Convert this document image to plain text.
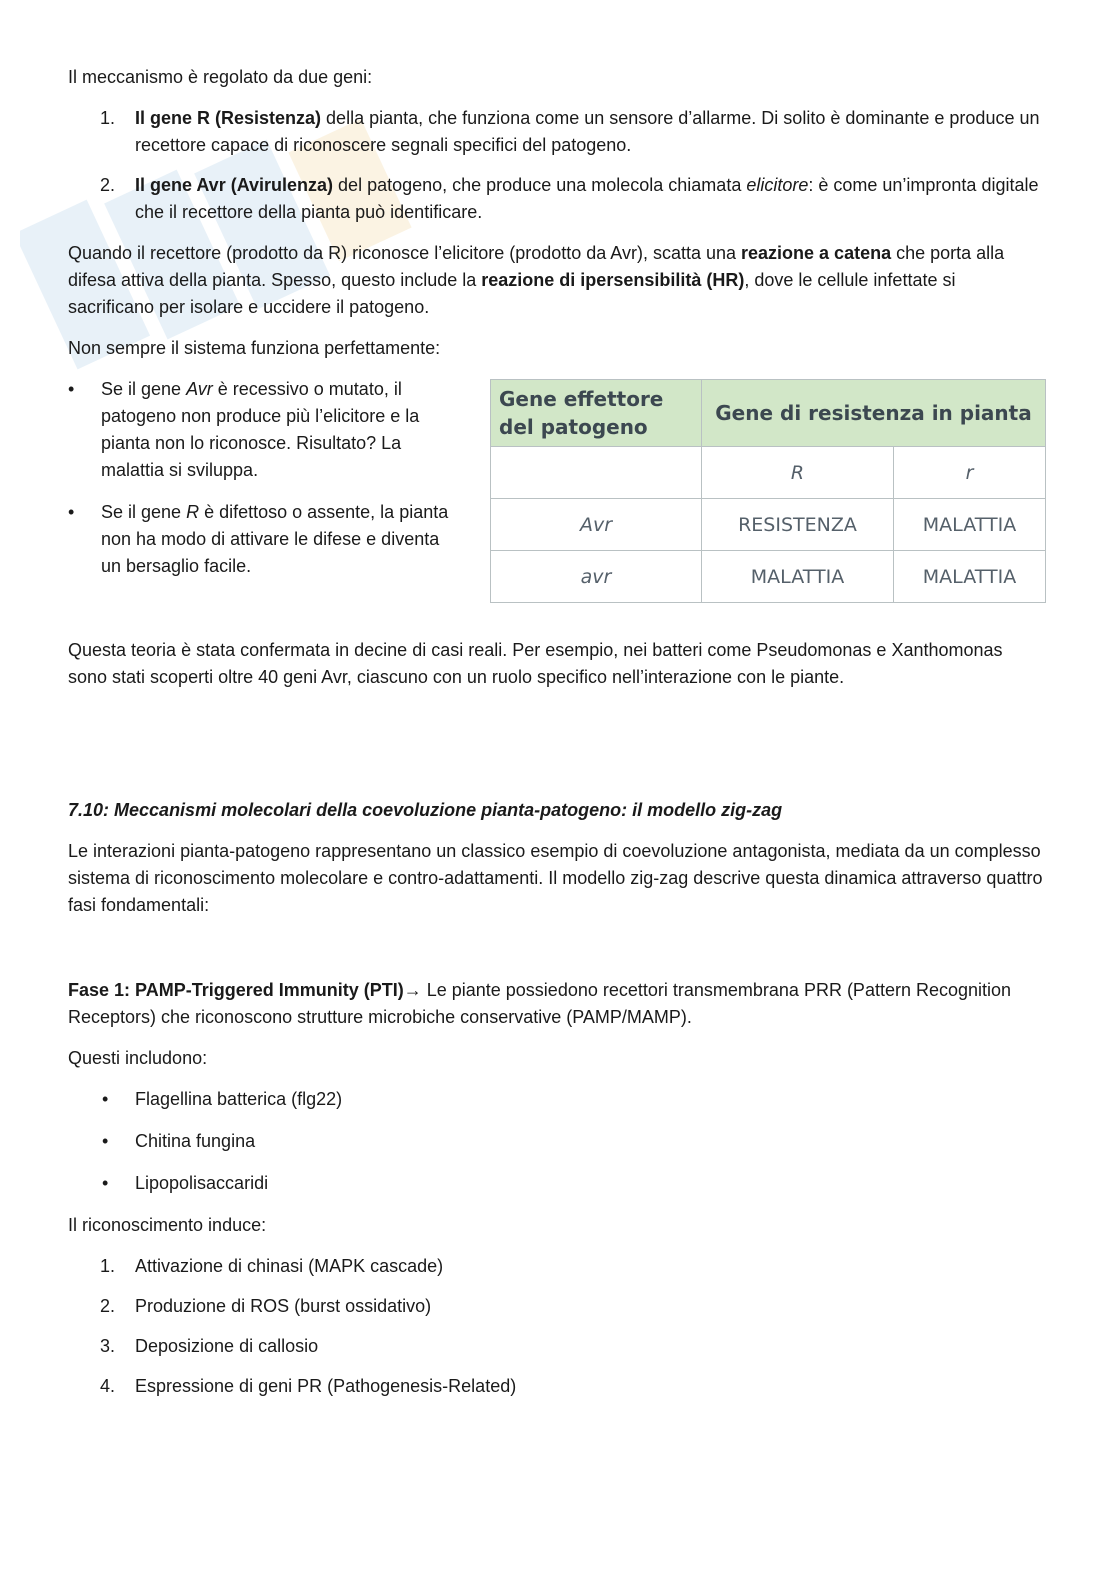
Il meccanismo è regolato da due geni:

1. Il gene R (Resistenza) della pianta, che funziona come un sensore d’allarme. Di solito è dominante e produce un recettore capace di riconoscere segnali specifici del patogeno.
2. Il gene Avr (Avirulenza) del patogeno, che produce una molecola chiamata elicitore: è come un’impronta digitale che il recettore della pianta può identificare.

Quando il recettore (prodotto da R) riconosce l’elicitore (prodotto da Avr), scatta una reazione a catena che porta alla difesa attiva della pianta. Spesso, questo include la reazione di ipersensibilità (HR), dove le cellule infettate si sacrificano per isolare e uccidere il patogeno.

Non sempre il sistema funziona perfettamente:

• Se il gene Avr è recessivo o mutato, il patogeno non produce più l’elicitore e la pianta non lo riconosce. Risultato? La malattia si sviluppa.
• Se il gene R è difettoso o assente, la pianta non ha modo di attivare le difese e diventa un bersaglio facile.
Gene effettore del patogeno	Gene di resistenza in pianta	
	R	r
Avr	RESISTENZA	MALATTIA
avr	MALATTIA	MALATTIA

Questa teoria è stata confermata in decine di casi reali. Per esempio, nei batteri come Pseudomonas e Xanthomonas sono stati scoperti oltre 40 geni Avr, ciascuno con un ruolo specifico nell’interazione con le piante.

7.10: Meccanismi molecolari della coevoluzione pianta-patogeno: il modello zig-zag

Le interazioni pianta-patogeno rappresentano un classico esempio di coevoluzione antagonista, mediata da un complesso sistema di riconoscimento molecolare e contro-adattamenti. Il modello zig-zag descrive questa dinamica attraverso quattro fasi fondamentali:

Fase 1: PAMP-Triggered Immunity (PTI)→ Le piante possiedono recettori transmembrana PRR (Pattern Recognition Receptors) che riconoscono strutture microbiche conservative (PAMP/MAMP).

Questi includono:

• Flagellina batterica (flg22)
• Chitina fungina
• Lipopolisaccaridi

Il riconoscimento induce:

1. Attivazione di chinasi (MAPK cascade)
2. Produzione di ROS (burst ossidativo)
3. Deposizione di callosio
4. Espressione di geni PR (Pathogenesis-Related)
